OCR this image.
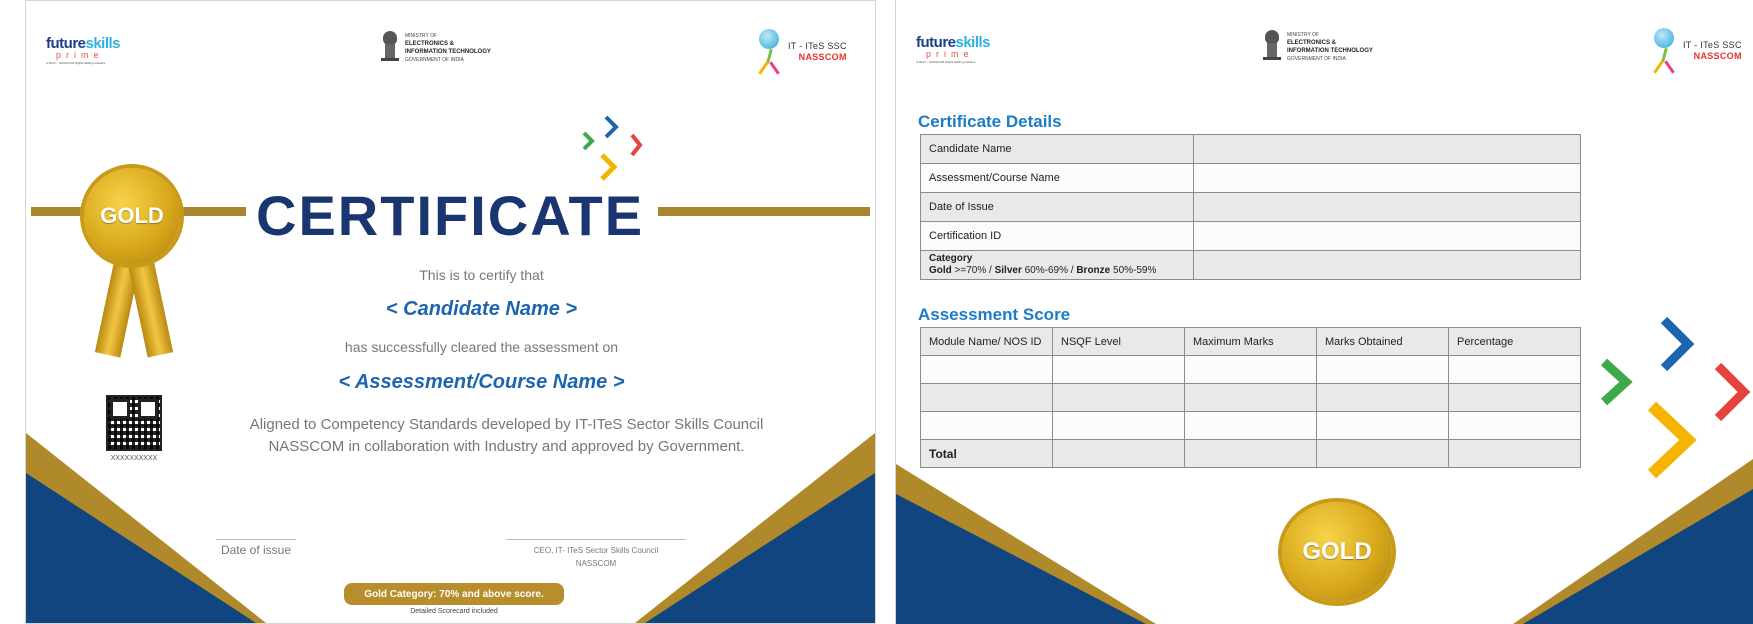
futureskills
prime
A MeitY - NASSCOM Digital Skilling Initiative
MINISTRY OF
ELECTRONICS &
INFORMATION TECHNOLOGY
GOVERNMENT OF INDIA
IT - ITeS SSC
NASSCOM
CERTIFICATE
GOLD
This is to certify that
< Candidate Name >
has successfully cleared the assessment on
< Assessment/Course Name >
Aligned to Competency Standards developed by IT-ITeS Sector Skills Council
NASSCOM in collaboration with Industry and approved by Government.
XXXXXXXXXX
Date of issue	CEO, IT- ITeS Sector Skills Council
NASSCOM
Gold Category: 70% and above score.
Detailed Scorecard included
futureskills
prime
A MeitY - NASSCOM Digital Skilling Initiative
MINISTRY OF
ELECTRONICS &
INFORMATION TECHNOLOGY
GOVERNMENT OF INDIA
IT - ITeS SSC
NASSCOM
Certificate Details
Candidate Name	
Assessment/Course Name	
Date of Issue	
Certification ID	
Category
Gold >=70% / Silver 60%-69% / Bronze 50%-59%	
Assessment Score
Module Name/ NOS ID	NSQF Level	Maximum Marks	Marks Obtained	Percentage

Total				
GOLD
